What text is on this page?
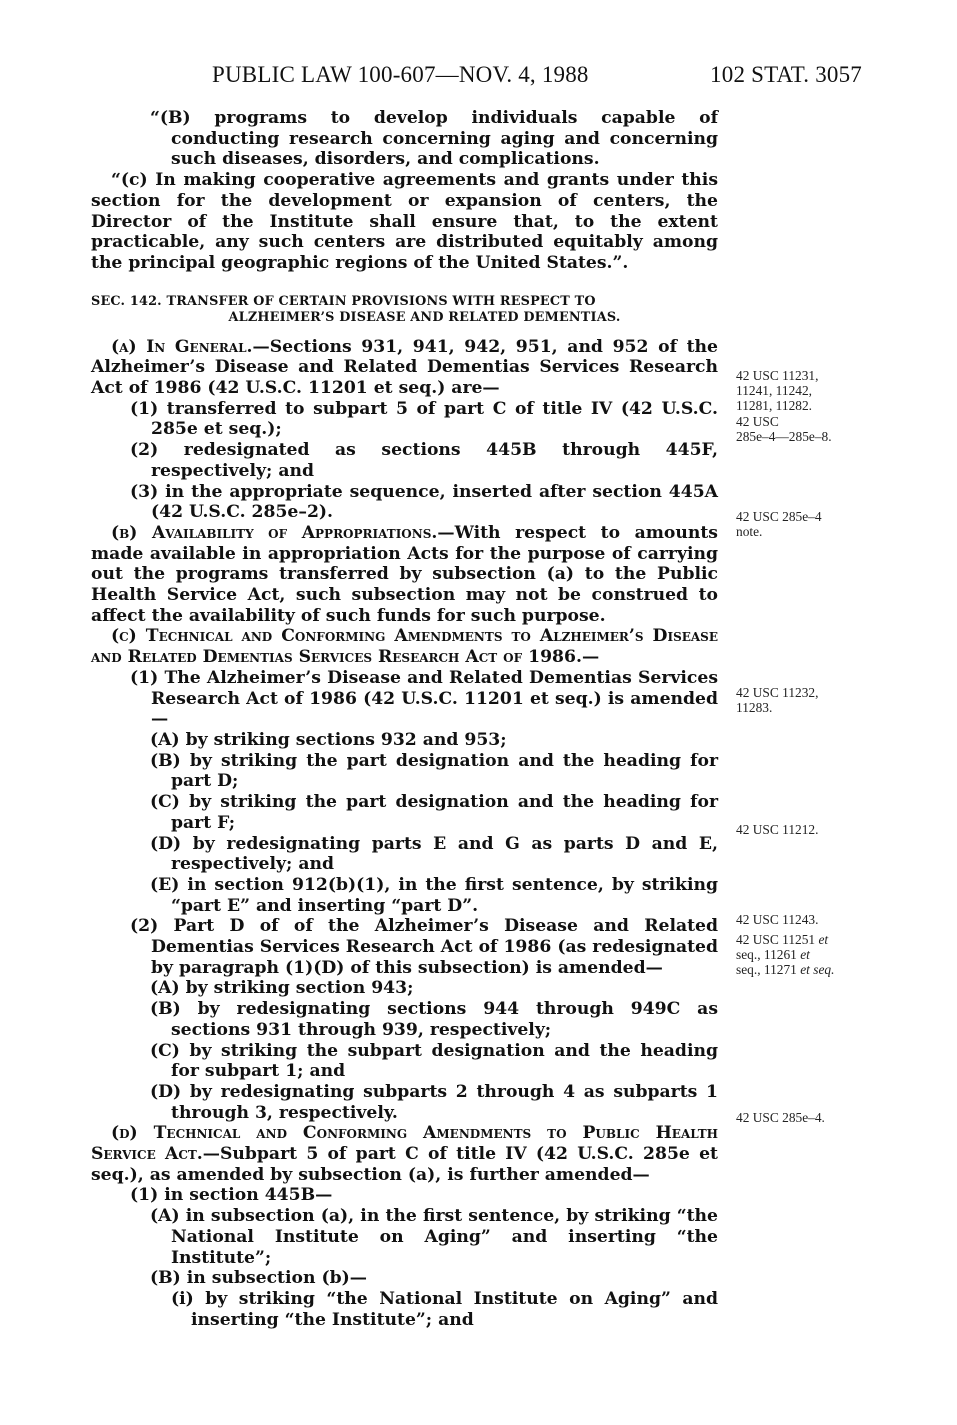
PUBLIC LAW 100-607—NOV. 4, 1988	102 STAT. 3057

“(B) programs to develop individuals capable of conducting research concerning aging and concerning such diseases, disorders, and complications.

“(c) In making cooperative agreements and grants under this section for the development or expansion of centers, the Director of the Institute shall ensure that, to the extent practicable, any such centers are distributed equitably among the principal geographic regions of the United States.”.

SEC. 142. TRANSFER OF CERTAIN PROVISIONS WITH RESPECT TO
ALZHEIMER’S DISEASE AND RELATED DEMENTIAS.

(a) In General.—Sections 931, 941, 942, 951, and 952 of the Alzheimer’s Disease and Related Dementias Services Research Act of 1986 (42 U.S.C. 11201 et seq.) are—

(1) transferred to subpart 5 of part C of title IV (42 U.S.C. 285e et seq.);

(2) redesignated as sections 445B through 445F, respectively; and

(3) in the appropriate sequence, inserted after section 445A (42 U.S.C. 285e–2).

(b) Availability of Appropriations.—With respect to amounts made available in appropriation Acts for the purpose of carrying out the programs transferred by subsection (a) to the Public Health Service Act, such subsection may not be construed to affect the availability of such funds for such purpose.

(c) Technical and Conforming Amendments to Alzheimer’s Disease and Related Dementias Services Research Act of 1986.—

(1) The Alzheimer’s Disease and Related Dementias Services Research Act of 1986 (42 U.S.C. 11201 et seq.) is amended—

(A) by striking sections 932 and 953;

(B) by striking the part designation and the heading for part D;

(C) by striking the part designation and the heading for part F;

(D) by redesignating parts E and G as parts D and E, respectively; and

(E) in section 912(b)(1), in the first sentence, by striking “part E” and inserting “part D”.

(2) Part D of of the Alzheimer’s Disease and Related Dementias Services Research Act of 1986 (as redesignated by paragraph (1)(D) of this subsection) is amended—

(A) by striking section 943;

(B) by redesignating sections 944 through 949C as sections 931 through 939, respectively;

(C) by striking the subpart designation and the heading for subpart 1; and

(D) by redesignating subparts 2 through 4 as subparts 1 through 3, respectively.

(d) Technical and Conforming Amendments to Public Health Service Act.—Subpart 5 of part C of title IV (42 U.S.C. 285e et seq.), as amended by subsection (a), is further amended—

(1) in section 445B—

(A) in subsection (a), in the first sentence, by striking “the National Institute on Aging” and inserting “the Institute”;

(B) in subsection (b)—

(i) by striking “the National Institute on Aging” and inserting “the Institute”; and

42 USC 11231,
11241, 11242,
11281, 11282.
42 USC
285e–4—285e–8.
42 USC 285e–4
note.
42 USC 11232,
11283.
42 USC 11212.
42 USC 11243.
42 USC 11251 et
seq., 11261 et
seq., 11271 et seq.
42 USC 285e–4.
